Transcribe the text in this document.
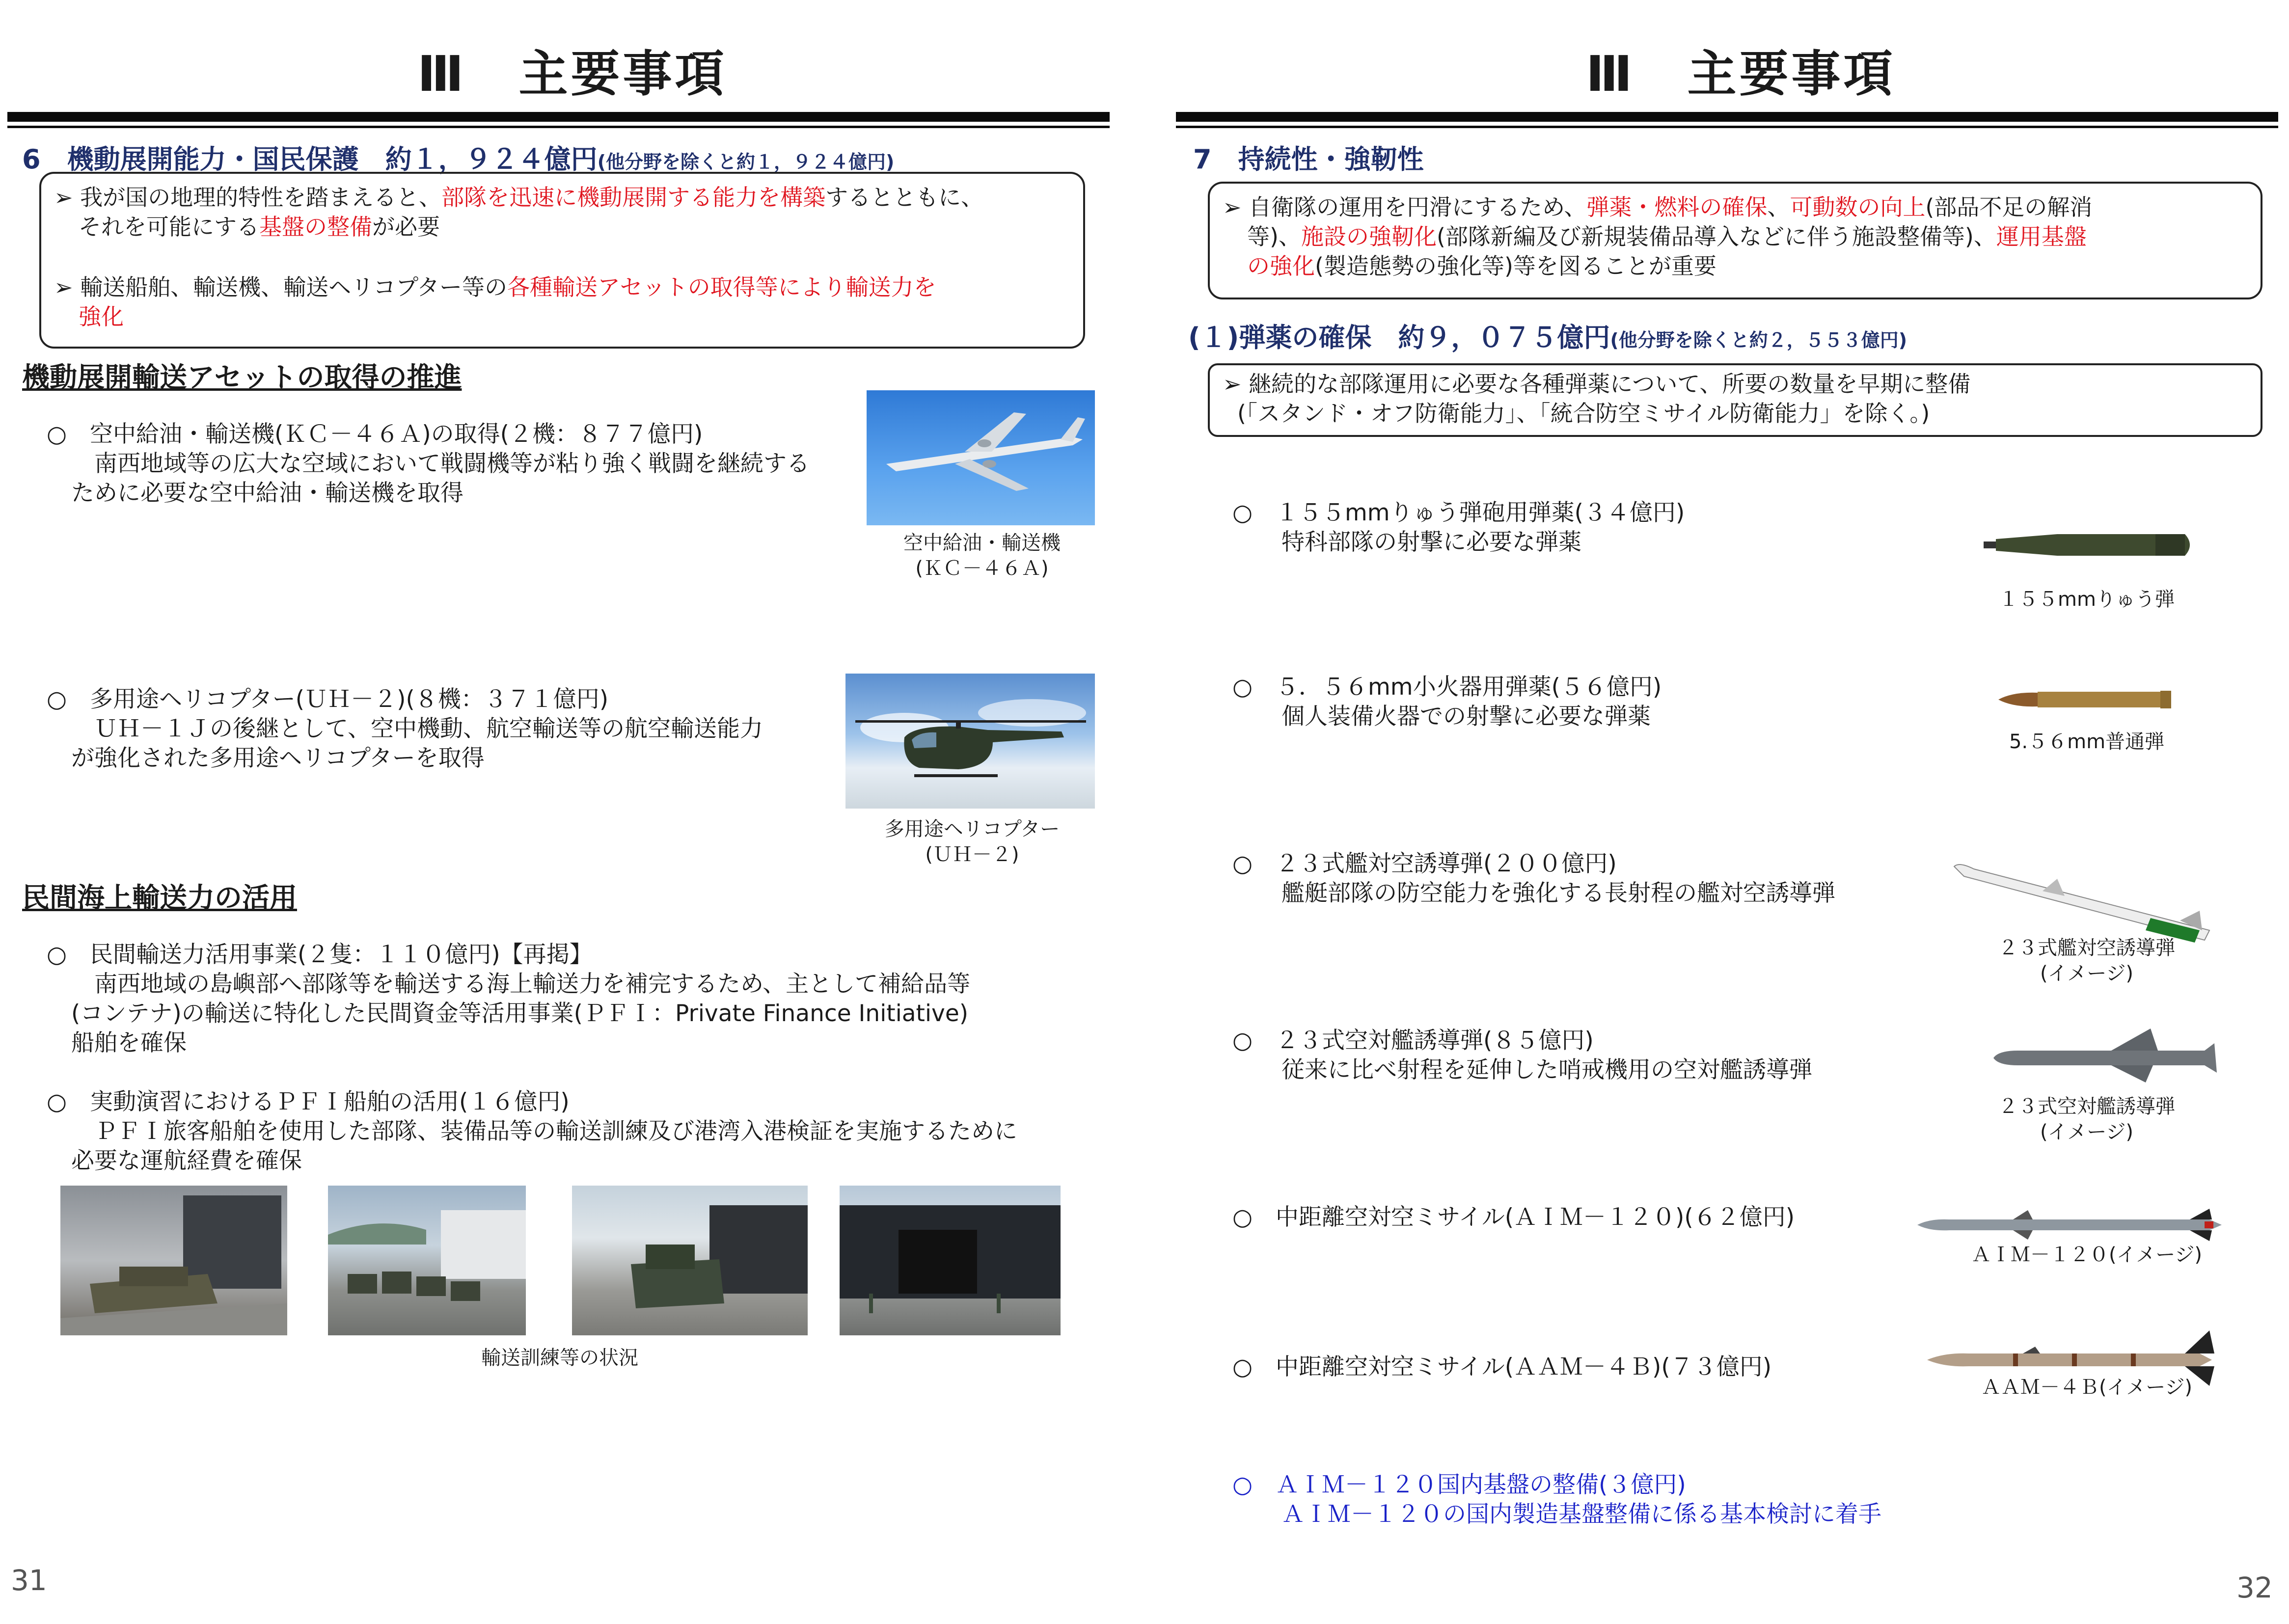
Ⅲ　主要事項
6　機動展開能力・国民保護　約１，９２４億円(他分野を除くと約１，９２４億円)
➢ 我が国の地理的特性を踏まえると、部隊を迅速に機動展開する能力を構築するとともに、
それを可能にする基盤の整備が必要
➢ 輸送船舶、輸送機、輸送ヘリコプター等の各種輸送アセットの取得等により輸送力を
強化
機動展開輸送アセットの取得の推進
○　空中給油・輸送機(ＫＣ－４６Ａ)の取得(２機：８７７億円)
　南西地域等の広大な空域において戦闘機等が粘り強く戦闘を継続する
ために必要な空中給油・輸送機を取得
空中給油・輸送機
(ＫＣ－４６Ａ)
○　多用途ヘリコプター(ＵＨ－２)(８機：３７１億円)
　ＵＨ－１Ｊの後継として、空中機動、航空輸送等の航空輸送能力
が強化された多用途ヘリコプターを取得
多用途ヘリコプター
(ＵＨ－２)
民間海上輸送力の活用
○　民間輸送力活用事業(２隻：１１０億円)【再掲】
　南西地域の島嶼部へ部隊等を輸送する海上輸送力を補完するため、主として補給品等
(コンテナ)の輸送に特化した民間資金等活用事業(ＰＦＩ：Private Finance Initiative)
船舶を確保
○　実動演習におけるＰＦＩ船舶の活用(１６億円)
　ＰＦＩ旅客船舶を使用した部隊、装備品等の輸送訓練及び港湾入港検証を実施するために
必要な運航経費を確保
輸送訓練等の状況
31
Ⅲ　主要事項
7　持続性・強靭性
➢ 自衛隊の運用を円滑にするため、弾薬・燃料の確保、可動数の向上(部品不足の解消
等)、施設の強靭化(部隊新編及び新規装備品導入などに伴う施設整備等)、運用基盤
の強化(製造態勢の強化等)等を図ることが重要
(１)弾薬の確保　約９，０７５億円(他分野を除くと約２，５５３億円)
➢ 継続的な部隊運用に必要な各種弾薬について、所要の数量を早期に整備
(「スタンド・オフ防衛能力」、「統合防空ミサイル防衛能力」を除く。)
○　１５５mmりゅう弾砲用弾薬(３４億円)
特科部隊の射撃に必要な弾薬
１５５mmりゅう弾
○　５．５６mm小火器用弾薬(５６億円)
個人装備火器での射撃に必要な弾薬
5.５６mm普通弾
○　２３式艦対空誘導弾(２００億円)
艦艇部隊の防空能力を強化する長射程の艦対空誘導弾
２３式艦対空誘導弾
(イメージ)
○　２３式空対艦誘導弾(８５億円)
従来に比べ射程を延伸した哨戒機用の空対艦誘導弾
２３式空対艦誘導弾
(イメージ)
○　中距離空対空ミサイル(ＡＩＭ－１２０)(６２億円)
ＡＩＭ－１２０(イメージ)
○　中距離空対空ミサイル(ＡＡＭ－４Ｂ)(７３億円)
ＡＡＭ－４Ｂ(イメージ)
○　ＡＩＭ－１２０国内基盤の整備(３億円)
ＡＩＭ－１２０の国内製造基盤整備に係る基本検討に着手
32
